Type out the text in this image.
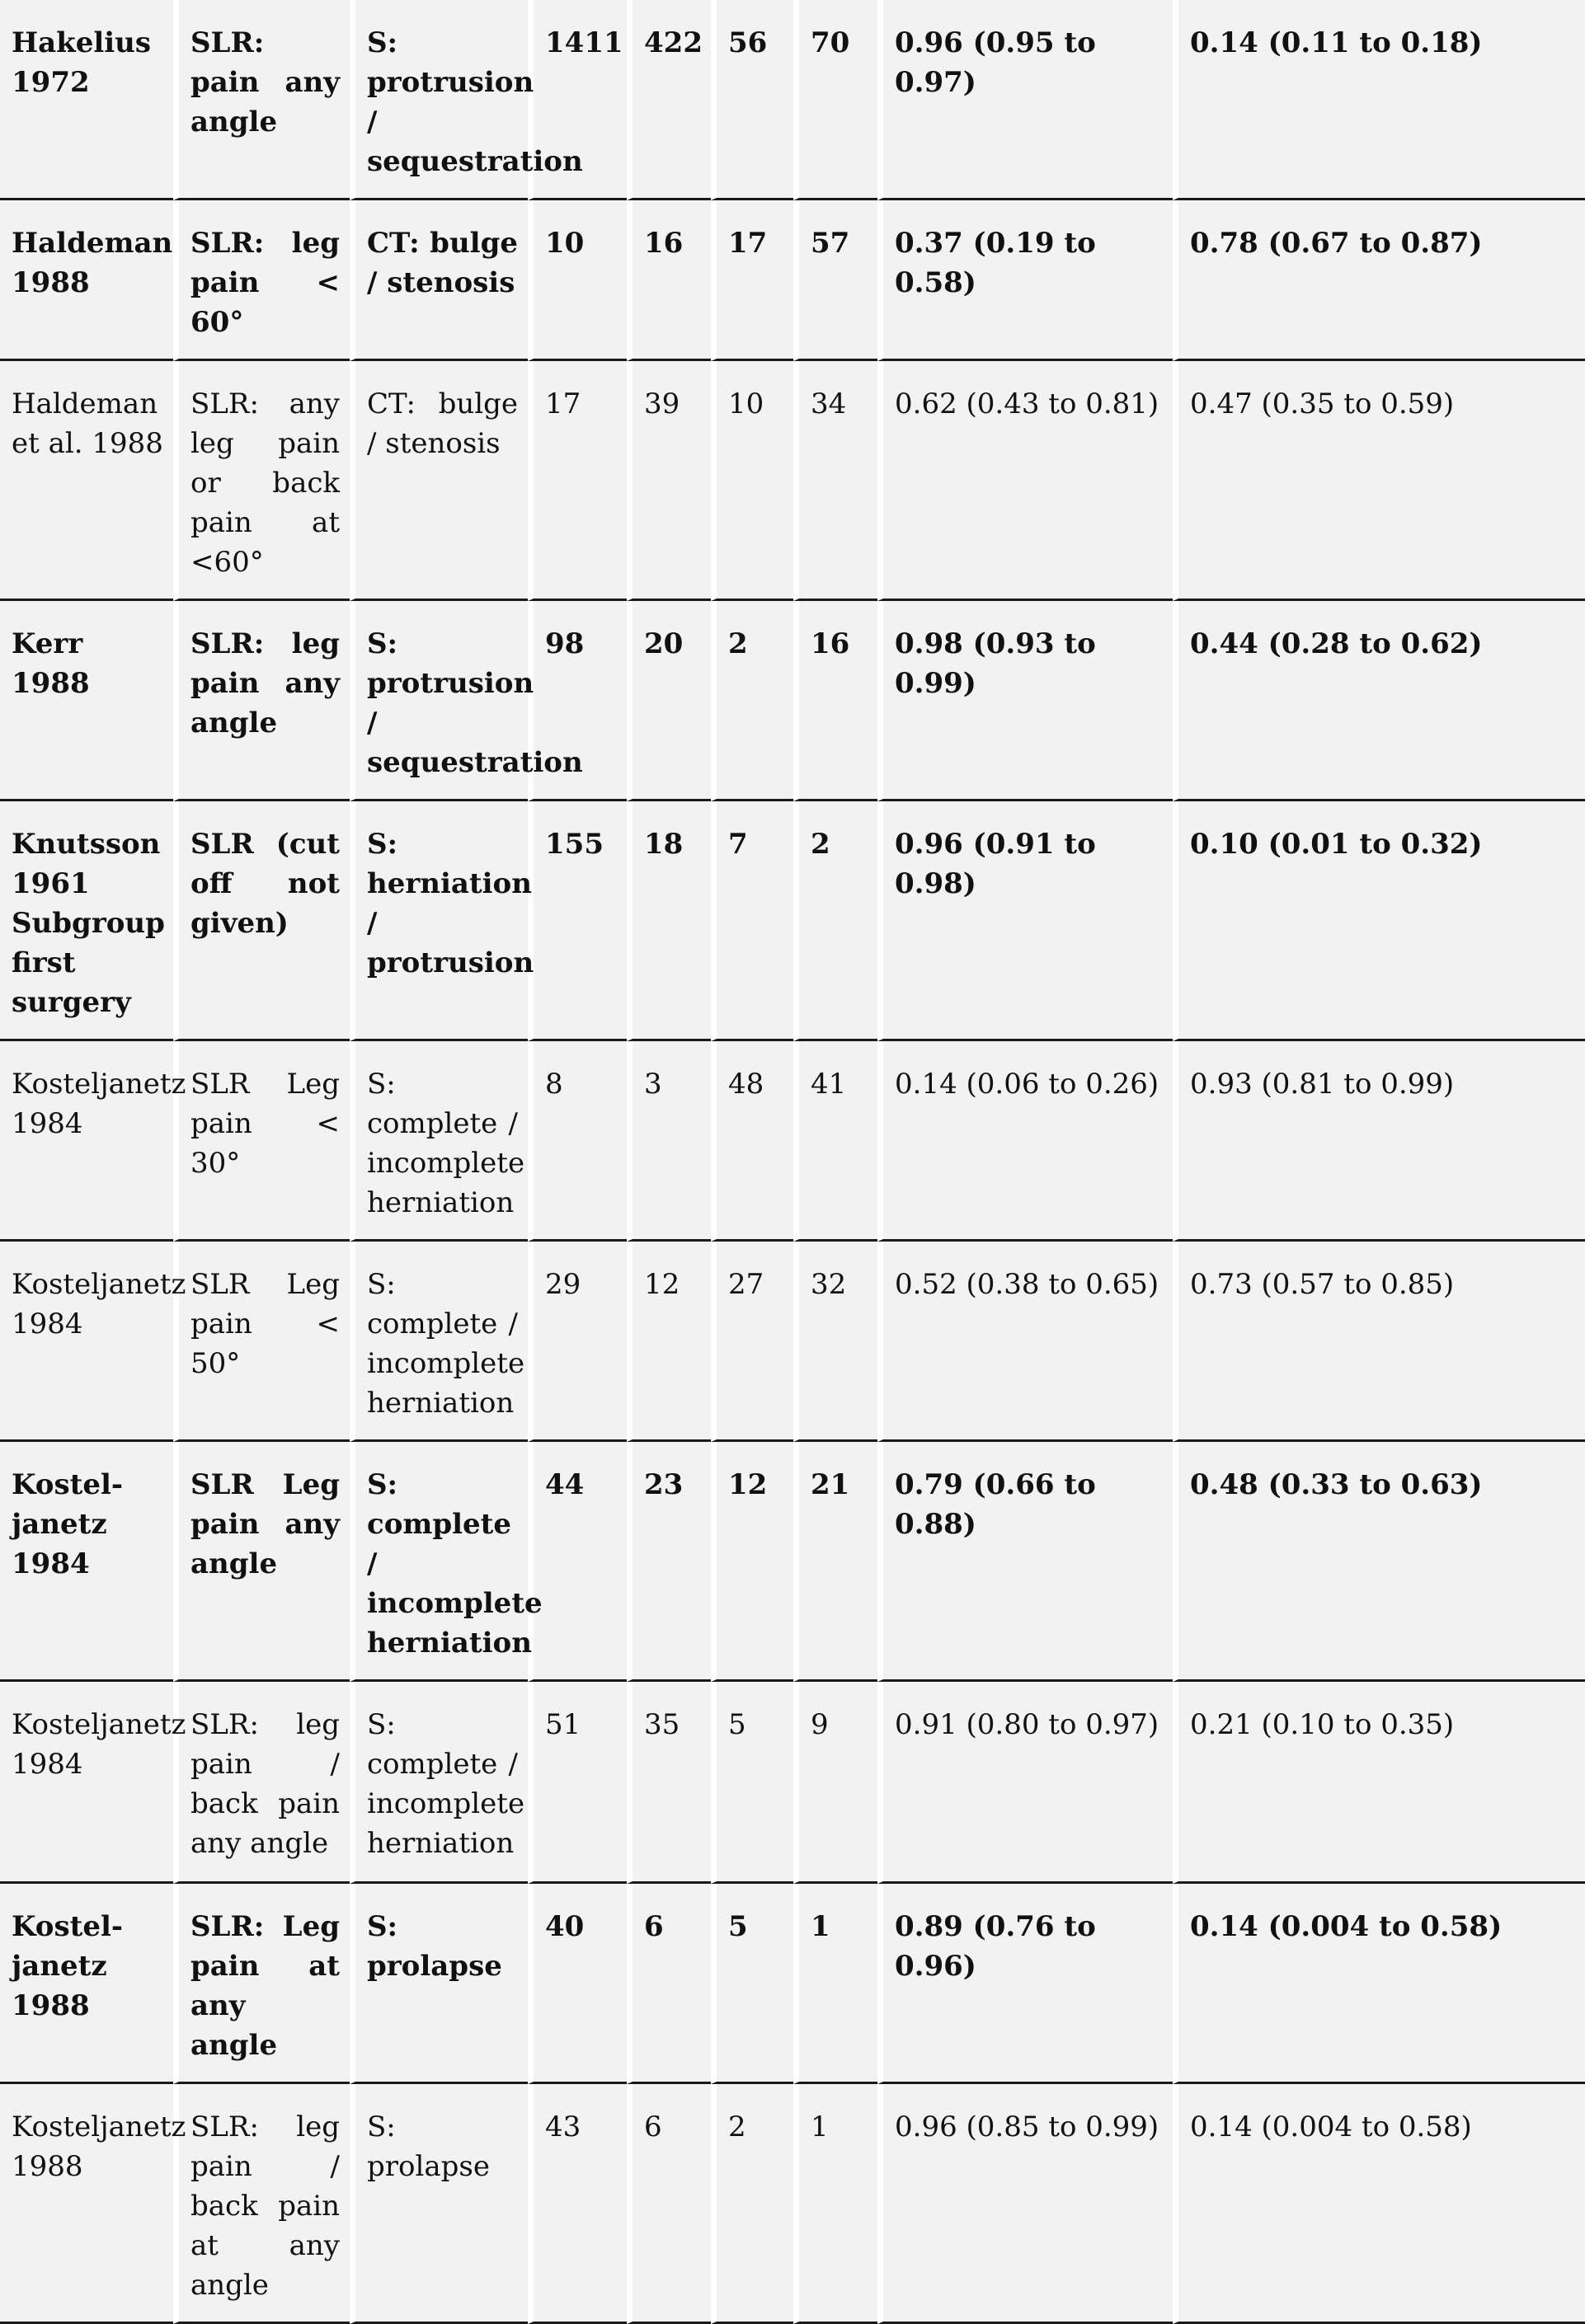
Hakelius 1972	SLR: pain any angle	S: protrusion / sequestration	1411	422	56	70	0.96 (0.95 to 0.97)	0.14 (0.11 to 0.18)
Haldeman 1988	SLR: leg pain < 60°	CT: bulge / stenosis	10	16	17	57	0.37 (0.19 to 0.58)	0.78 (0.67 to 0.87)
Haldeman et al. 1988	SLR: any leg pain or back pain at <60°	CT: bulge / stenosis	17	39	10	34	0.62 (0.43 to 0.81)	0.47 (0.35 to 0.59)
Kerr 1988	SLR: leg pain any angle	S: protrusion / sequestration	98	20	2	16	0.98 (0.93 to 0.99)	0.44 (0.28 to 0.62)
Knutsson 1961 Subgroup first surgery	SLR (cut off not given)	S: herniation / protrusion	155	18	7	2	0.96 (0.91 to 0.98)	0.10 (0.01 to 0.32)
Kosteljanetz 1984	SLR Leg pain < 30°	S: complete / incomplete herniation	8	3	48	41	0.14 (0.06 to 0.26)	0.93 (0.81 to 0.99)
Kosteljanetz 1984	SLR Leg pain < 50°	S: complete / incomplete herniation	29	12	27	32	0.52 (0.38 to 0.65)	0.73 (0.57 to 0.85)
Kostel-janetz 1984	SLR Leg pain any angle	S: complete / incomplete herniation	44	23	12	21	0.79 (0.66 to 0.88)	0.48 (0.33 to 0.63)
Kosteljanetz 1984	SLR: leg pain / back pain any angle	S: complete / incomplete herniation	51	35	5	9	0.91 (0.80 to 0.97)	0.21 (0.10 to 0.35)
Kostel-janetz 1988	SLR: Leg pain at any angle	S: prolapse	40	6	5	1	0.89 (0.76 to 0.96)	0.14 (0.004 to 0.58)
Kosteljanetz 1988	SLR: leg pain / back pain at any angle	S: prolapse	43	6	2	1	0.96 (0.85 to 0.99)	0.14 (0.004 to 0.58)
